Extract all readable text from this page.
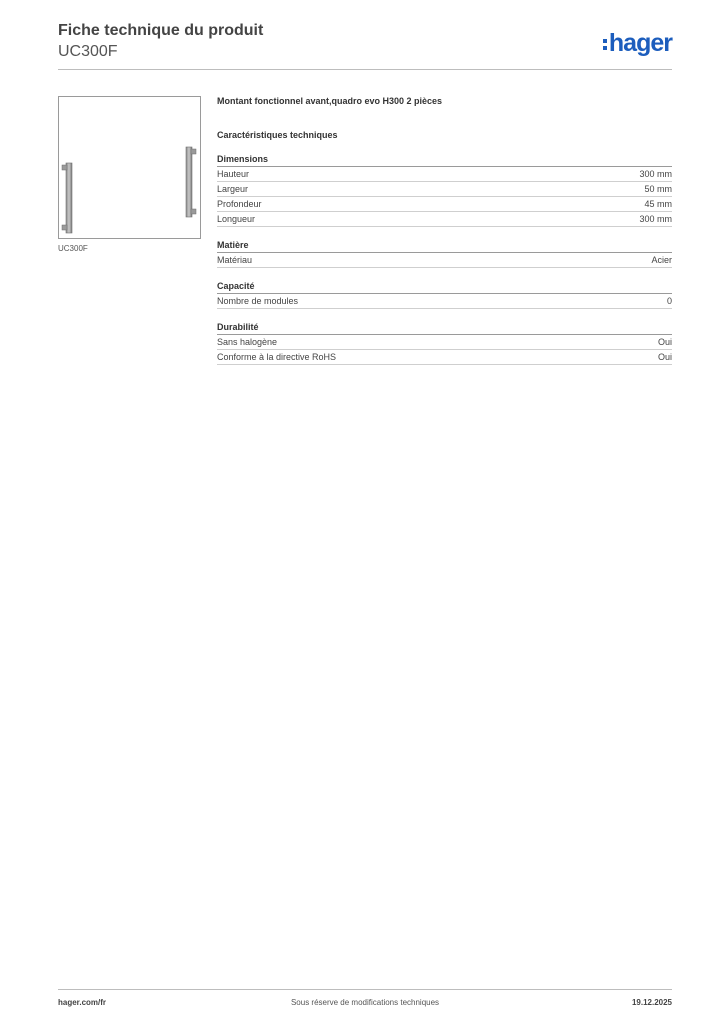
Fiche technique du produit
UC300F	hager
UC300F
Montant fonctionnel avant,quadro evo H300 2 pièces
Caractéristiques techniques
Dimensions
Hauteur	300 mm
Largeur	50 mm
Profondeur	45 mm
Longueur	300 mm
Matière
Matériau	Acier
Capacité
Nombre de modules	0
Durabilité
Sans halogène	Oui
Conforme à la directive RoHS	Oui
hager.com/fr	Sous réserve de modifications techniques	19.12.2025
